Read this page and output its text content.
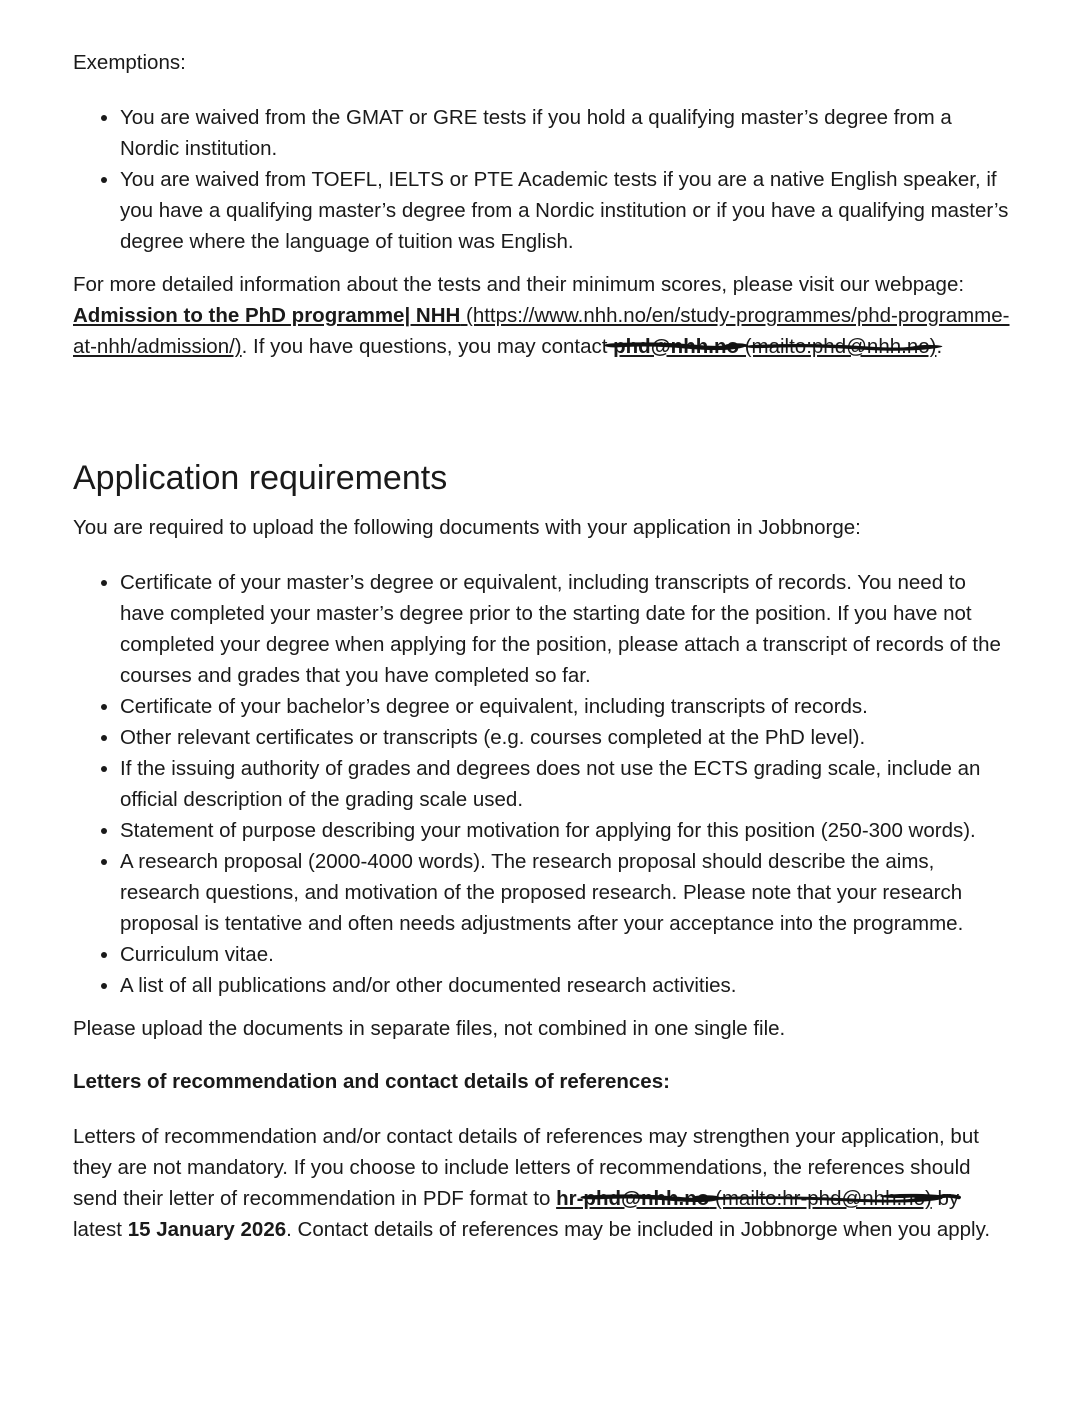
Exemptions:

• You are waived from the GMAT or GRE tests if you hold a qualifying master’s degree from a Nordic institution.
• You are waived from TOEFL, IELTS or PTE Academic tests if you are a native English speaker, if you have a qualifying master’s degree from a Nordic institution or if you have a qualifying master’s degree where the language of tuition was English.

For more detailed information about the tests and their minimum scores, please visit our webpage: Admission to the PhD programme| NHH (https://www.nhh.no/en/study-programmes/phd-programme-at-nhh/admission/)
. If you have questions, you may contact phd@nhh.no
(mailto:phd@nhh.no)
.

Application requirements

You are required to upload the following documents with your application in Jobbnorge:

• Certificate of your master’s degree or equivalent, including transcripts of records. You need to have completed your master’s degree prior to the starting date for the position. If you have not completed your degree when applying for the position, please attach a transcript of records of the courses and grades that you have completed so far.
• Certificate of your bachelor’s degree or equivalent, including transcripts of records.
• Other relevant certificates or transcripts (e.g. courses completed at the PhD level).
• If the issuing authority of grades and degrees does not use the ECTS grading scale, include an official description of the grading scale used.
• Statement of purpose describing your motivation for applying for this position (250-300 words).
• A research proposal (2000-4000 words). The research proposal should describe the aims, research questions, and motivation of the proposed research. Please note that your research proposal is tentative and often needs adjustments after your acceptance into the programme.
• Curriculum vitae.
• A list of all publications and/or other documented research activities.

Please upload the documents in separate files, not combined in one single file.

Letters of recommendation and contact details of references:

Letters of recommendation and/or contact details of references may strengthen your application, but they are not mandatory. If you choose to include letters of recommendations, the references should send their letter of recommendation in PDF format to hr-phd@nhh.no
(mailto:hr-phd@nhh.no)
by
latest 15 January 2026. Contact details of references may be included in Jobbnorge when you apply.
